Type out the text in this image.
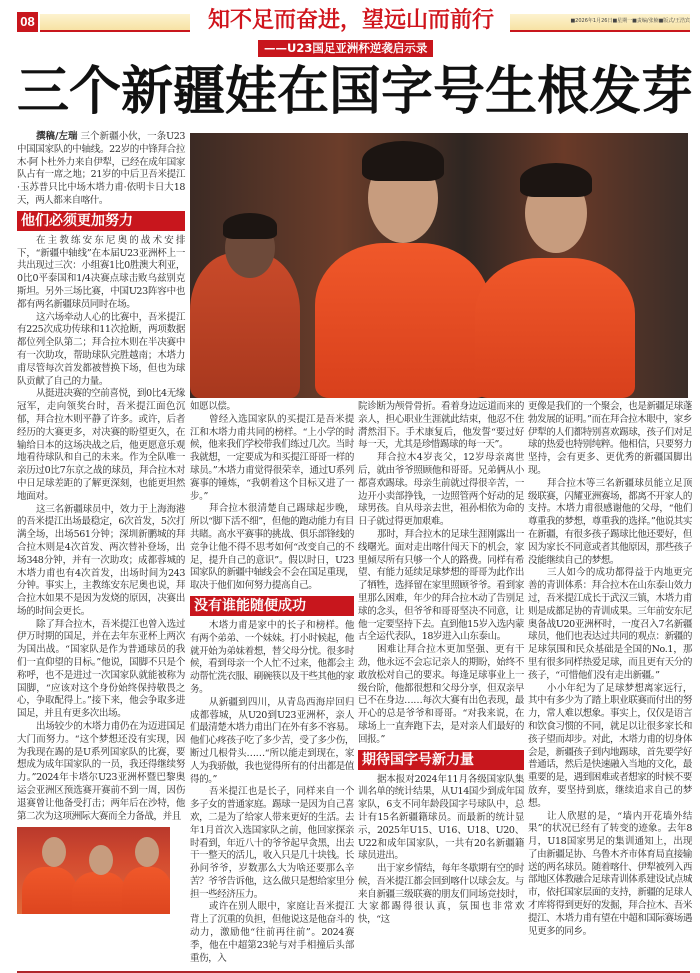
08	知不足而奋进，望远山而前行	■2026年1月26日■星期一■责编/张楠■版式/王浩宾
——U23国足亚洲杯逆袭启示录
三个新疆娃在国字号生根发芽

撰稿/左瑞 三个新疆小伙，一条U23中国国家队的中轴线。22岁的中锋拜合拉木·阿卜杜外力来自伊犁，已经在成年国家队占有一席之地；21岁的中后卫吾米提江·玉苏普只比中场木塔力甫·依明卡日大18天，两人都来自喀什。

他们必须更加努力

在主教练安东尼奥的战术安排下，“新疆中轴线”在本届U23亚洲杯上一共出现过三次：小组赛1比0胜澳大利亚，0比0平泰国和1/4决赛点球击败乌兹别克斯坦。另外三场比赛，中国U23阵容中也都有两名新疆球员同时在场。

这六场牵动人心的比赛中，吾米提江有225次成功传球和11次抢断，两项数据都位列全队第二；拜合拉木则在半决赛中有一次助攻，帮助球队完胜越南；木塔力甫尽管每次首发都被替换下场，但也为球队贡献了自己的力量。

从挺进决赛的空前喜悦，到0比4无缘冠军，走向领奖台时，吾米提江面色沉郁，拜合拉木则平静了许多。或许，后者经历的大赛更多，对决赛的盼望更久，在输给日本的这场决战之后，他更愿意乐观地看待球队和自己的未来。作为全队唯一亲历过0比7东京之战的球员，拜合拉木对中日足球差距的了解更深刻，也能更坦然地面对。

这三名新疆球员中，效力于上海海港的吾米提江出场最稳定，6次首发，5次打满全场，出场561分钟；深圳新鹏城的拜合拉木则是4次首发、两次替补登场，出场348分钟，并有一次助攻；成都蓉城的木塔力甫也有4次首发，出场时间为243分钟。事实上，主教练安东尼奥也说，拜合拉木如果不是因为发烧的原因，决赛出场的时间会更长。

除了拜合拉木，吾米提江也曾入选过伊万时期的国足，并在去年东亚杯上两次为国出战。“国家队是作为普通球员的我们一直仰望的目标。”他说，国脚不只是个称呼，也不是进过一次国家队就能被称为国脚，“应该对这个身份始终保持敬畏之心，争取配得上。”接下来，他会争取多进国足，并且有更多次出场。

出场较少的木塔力甫仍在为迈进国足大门而努力。“这个梦想还没有实现，因为我现在踢的是U系列国家队的比赛，要想成为成年国家队的一员，我还得继续努力。”2024年卡塔尔U23亚洲杯暨巴黎奥运会亚洲区预选赛开赛前不到一周，因伤退赛曾让他备受打击；两年后在沙特，他第二次为这项洲际大赛而全力备战，并且

如愿以偿。

曾经入选国家队的买提江是吾米提江和木塔力甫共同的榜样。“上小学的时候，他来我们学校带我们练过几次。当时我就想，一定要成为和买提江哥哥一样的球员。”木塔力甫觉得很荣幸，通过U系列赛事的锤炼，“我朝着这个目标又进了一步。”

拜合拉木很清楚自己踢球起步晚，所以“脚下活不细”，但他的跑动能力有目共睹。高水平赛事的挑战、俱乐部锋线的竞争让他不得不思考如何“改变自己的不足，提升自己的意识”。假以时日，U23国家队的新疆中轴线会不会在国足重现，取决于他们如何努力提高自己。

没有谁能随便成功

木塔力甫是家中的长子和榜样。他有两个弟弟、一个妹妹。打小时候起，他就开始为弟妹着想，替父母分忧。很多时候，看到母亲一个人忙不过来，他都会主动帮忙洗衣服、刷碗筷以及干些其他的家务。

从新疆到四川，从青岛西海岸回归成都蓉城，从U20到U23亚洲杯，亲人们最清楚木塔力甫出门在外有多不容易。他们心疼孩子吃了多少苦，受了多少伤，断过几根骨头……“所以能走到现在，家人为我骄傲，我也觉得所有的付出都是值得的。”

吾米提江也是长子，同样来自一个多子女的普通家庭。踢球一是因为自己喜欢，二是为了给家人带来更好的生活。去年1月首次入选国家队之前，他回家探亲时看到，年近八十的爷爷起早贪黑，出去干一整天的活儿，收入只是几十块钱。长孙问爷爷，岁数那么大为啥还要那么辛苦？爷爷告诉他，这么做只是想给家里分担一些经济压力。

或许在别人眼中，家庭让吾米提江背上了沉重的负担，但他说这是他奋斗的动力，激励他“往前再往前”。2024赛季，他在中超第23轮与对手相撞后头部重伤，入

院诊断为颅骨骨折。看着身边远道而来的亲人，担心职业生涯就此结束，他忍不住潸然泪下。手术康复后，他发誓“要过好每一天，尤其是珍惜踢球的每一天”。

拜合拉木4岁丧父，12岁母亲离世后，就由爷爷照顾他和哥哥。兄弟俩从小都喜欢踢球。母亲生前就过得很辛苦，一边开小卖部挣钱，一边照管两个好动的足球男孩。自从母亲去世，祖孙相依为命的日子就过得更加艰难。

那时，拜合拉木的足球生涯刚露出一线曙光。面对走出喀什闯天下的机会，家里倾尽所有只够一个人的路费。同样有希望、有能力延续足球梦想的哥哥为此作出了牺牲，选择留在家里照顾爷爷。看到家里那么困难，年少的拜合拉木动了告别足球的念头，但爷爷和哥哥坚决不同意，让他一定要坚持下去。直到他15岁入选内蒙古全运代表队，18岁进入山东泰山。

困难让拜合拉木更加坚强、更有干劲，他永远不会忘记亲人的期盼，始终不敢放松对自己的要求。每逢足球事业上一级台阶，他都很想和父母分享，但双亲早已不在身边……每次大赛有出色表现，最开心的总是爷爷和哥哥。“对我来说，在球场上一直奔跑下去，是对亲人们最好的回报。”

期待国字号新力量

据本报对2024年11月各级国家队集训名单的统计结果，从U14国少到成年国家队，6支不同年龄段国字号球队中，总计有15名新疆籍球员。而最新的统计显示，2025年U15、U16、U18、U20、U22和成年国家队，一共有20名新疆籍球员进出。

出于家乡情结，每年冬歇期有空的时候，吾米提江都会回到喀什以球会友。与来自新疆三级联赛的朋友们同场竞技时，大家都踢得很认真，氛围也非常欢快，“这

更像是我们的一个聚会，也是新疆足球蓬勃发展的证明。”而在拜合拉木眼中，家乡伊犁的人们都特别喜欢踢球，孩子们对足球的热爱也特别纯粹。他相信，只要努力坚持，会有更多、更优秀的新疆国脚出现。

拜合拉木等三名新疆球员能立足顶级联赛，闪耀亚洲赛场，都离不开家人的支持。木塔力甫很感谢他的父母，“他们尊重我的梦想，尊重我的选择。”他说其实在新疆，有很多孩子踢球比他还要好，但因为家长不同意或者其他原因，那些孩子没能继续自己的梦想。

三人如今的成功都得益于内地更完善的青训体系：拜合拉木在山东泰山效力过，吾米提江成长于武汉三镇，木塔力甫则是成都足协的青训成果。三年前安东尼奥备战U20亚洲杯时，一度召入7名新疆球员，他们也表达过共同的观点：新疆的足球氛围和民众基础是全国的No.1，那里有很多同样热爱足球，而且更有天分的孩子，“可惜他们没有走出新疆。”

小小年纪为了足球梦想离家远行，其中有多少为了踏上职业联赛而付出的努力，常人难以想象。事实上，仅仅是语言和饮食习惯的不同，就足以让很多家长和孩子望而却步。对此，木塔力甫的切身体会是，新疆孩子到内地踢球，首先要学好普通话，然后是快速融入当地的文化，最重要的是，遇到困难或者想家的时候不要放弃，要坚持到底，继续追求自己的梦想。

让人欣慰的是，“墙内开花墙外结果”的状况已经有了转变的迹象。去年8月，U18国家男足的集训通知上，出现了由新疆足协、乌鲁木齐市体育局直接输送的两名球员。随着喀什、伊犁被列入西部地区体教融合足球青训体系建设试点城市，依托国家层面的支持，新疆的足球人才库将得到更好的发掘，拜合拉木、吾米提江、木塔力甫有望在中超和国际赛场遇见更多的同乡。
